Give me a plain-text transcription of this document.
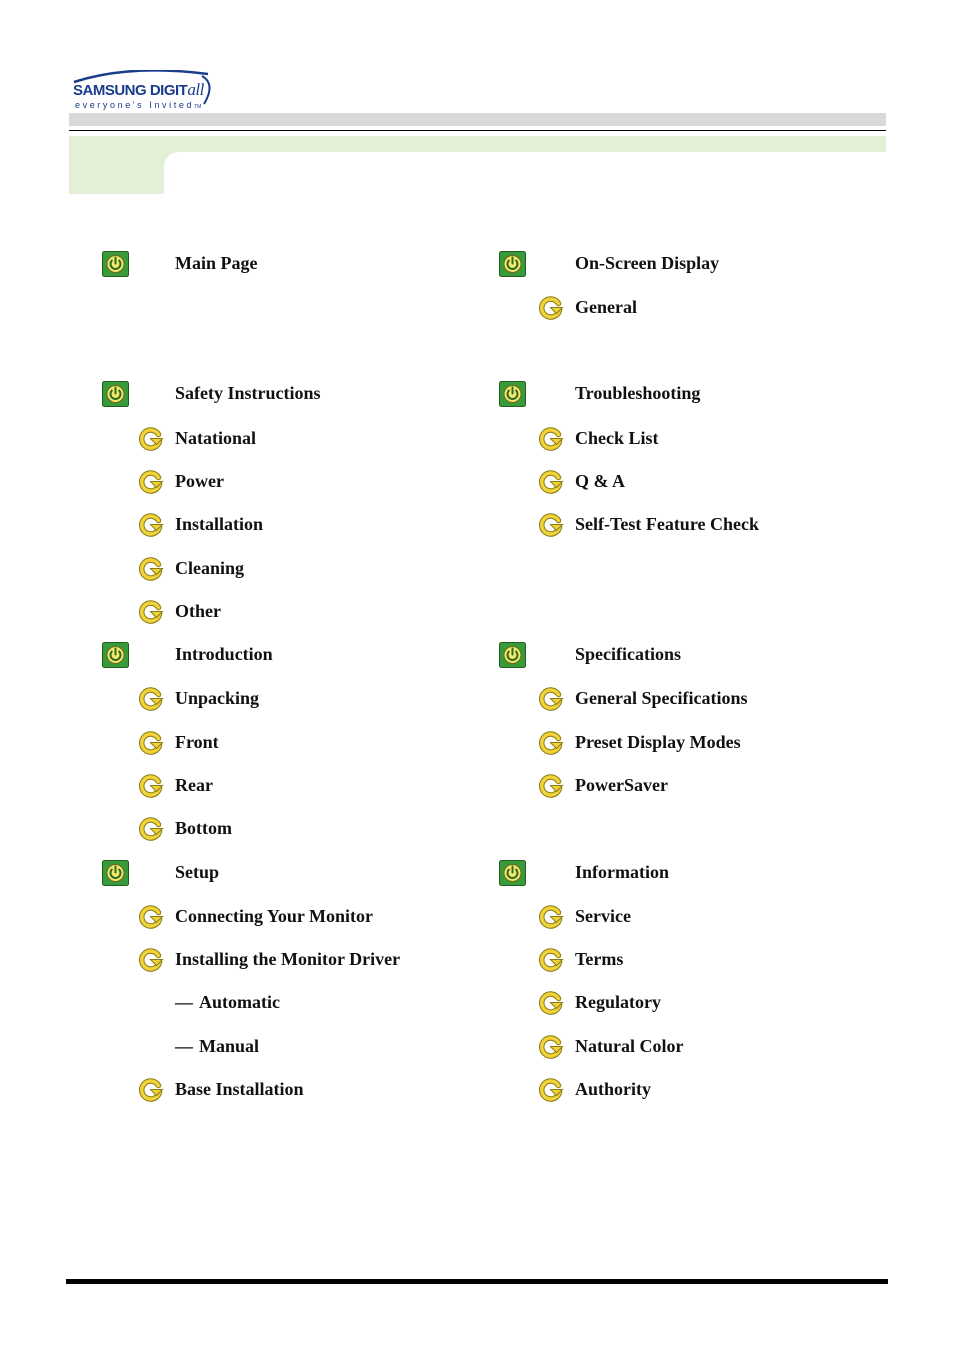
SAMSUNG DIGITall
everyone's InvitedTM
Main Page
Safety Instructions
Natational
Power
Installation
Cleaning
Other
Introduction
Unpacking
Front
Rear
Bottom
Setup
Connecting Your Monitor
Installing the Monitor Driver
— Automatic
— Manual
Base Installation
On-Screen Display
General
Troubleshooting
Check List
Q & A
Self-Test Feature Check
Specifications
General Specifications
Preset Display Modes
PowerSaver
Information
Service
Terms
Regulatory
Natural Color
Authority
